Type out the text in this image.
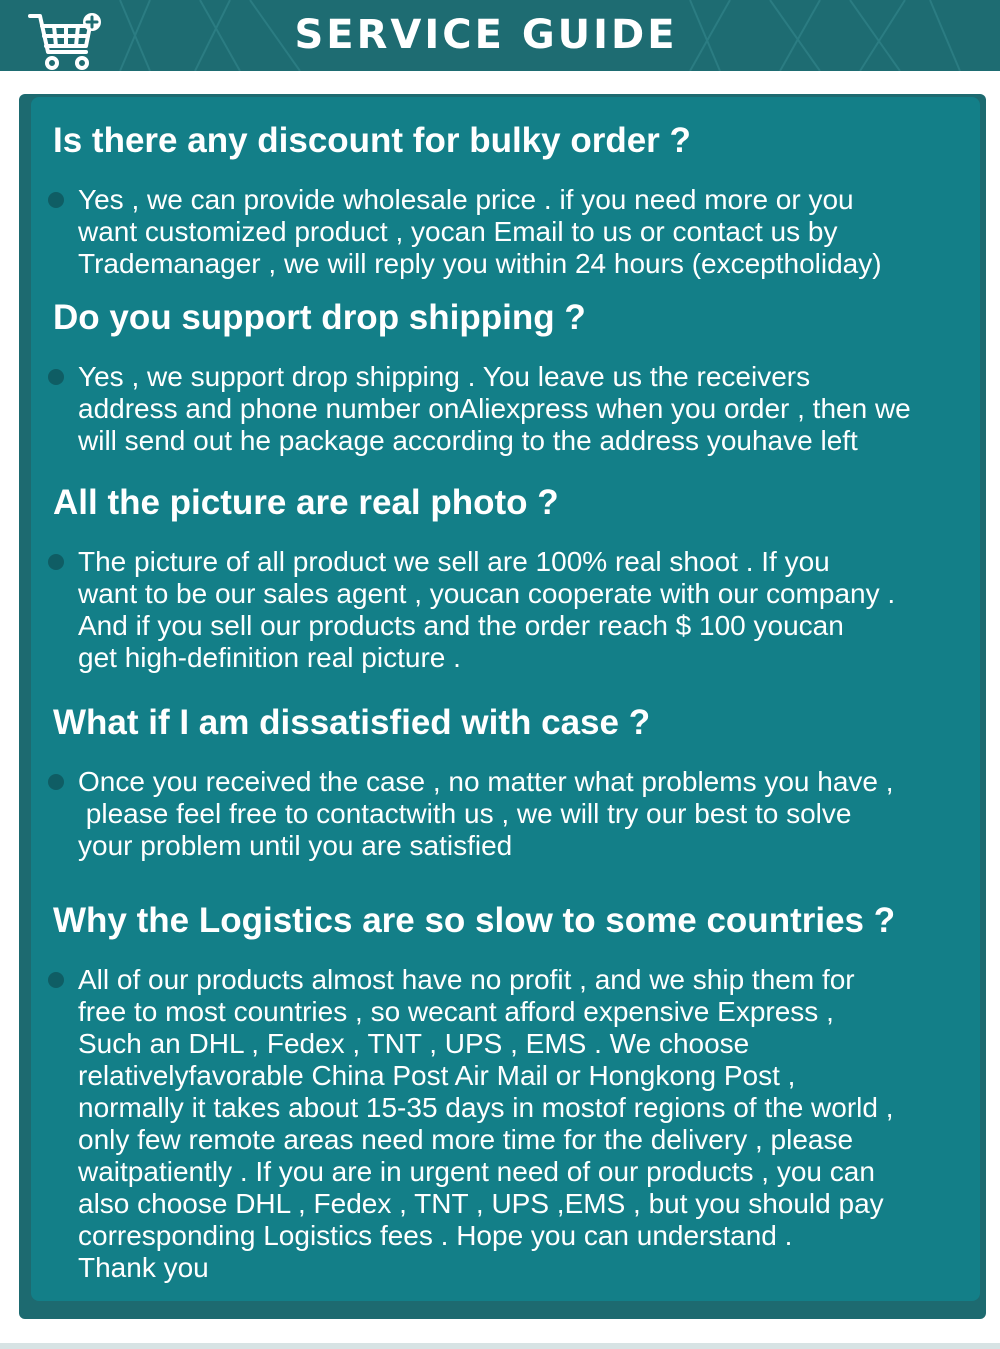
SERVICE GUIDE
Is there any discount for bulky order ?
Yes , we can provide wholesale price . if you need more or you
want customized product , yocan Email to us or contact us by
Trademanager , we will reply you within 24 hours (exceptholiday)
Do you support drop shipping ?
Yes , we support drop shipping . You leave us the receivers
address and phone number onAliexpress when you order , then we
will send out he package according to the address youhave left
All the picture are real photo ?
The picture of all product we sell are 100% real shoot . If you
want to be our sales agent , youcan cooperate with our company .
And if you sell our products and the order reach $ 100 youcan
get high-definition real picture .
What if I am dissatisfied with case ?
Once you received the case , no matter what problems you have ,
please feel free to contactwith us , we will try our best to solve
your problem until you are satisfied
Why the Logistics are so slow to some countries ?
All of our products almost have no profit , and we ship them for
free to most countries , so wecant afford expensive Express ,
Such an DHL , Fedex , TNT , UPS , EMS . We choose
relativelyfavorable China Post Air Mail or Hongkong Post ,
normally it takes about 15-35 days in mostof regions of the world ,
only few remote areas need more time for the delivery , please
waitpatiently . If you are in urgent need of our products , you can
also choose DHL , Fedex , TNT , UPS ,EMS , but you should pay
corresponding Logistics fees . Hope you can understand .
Thank you
